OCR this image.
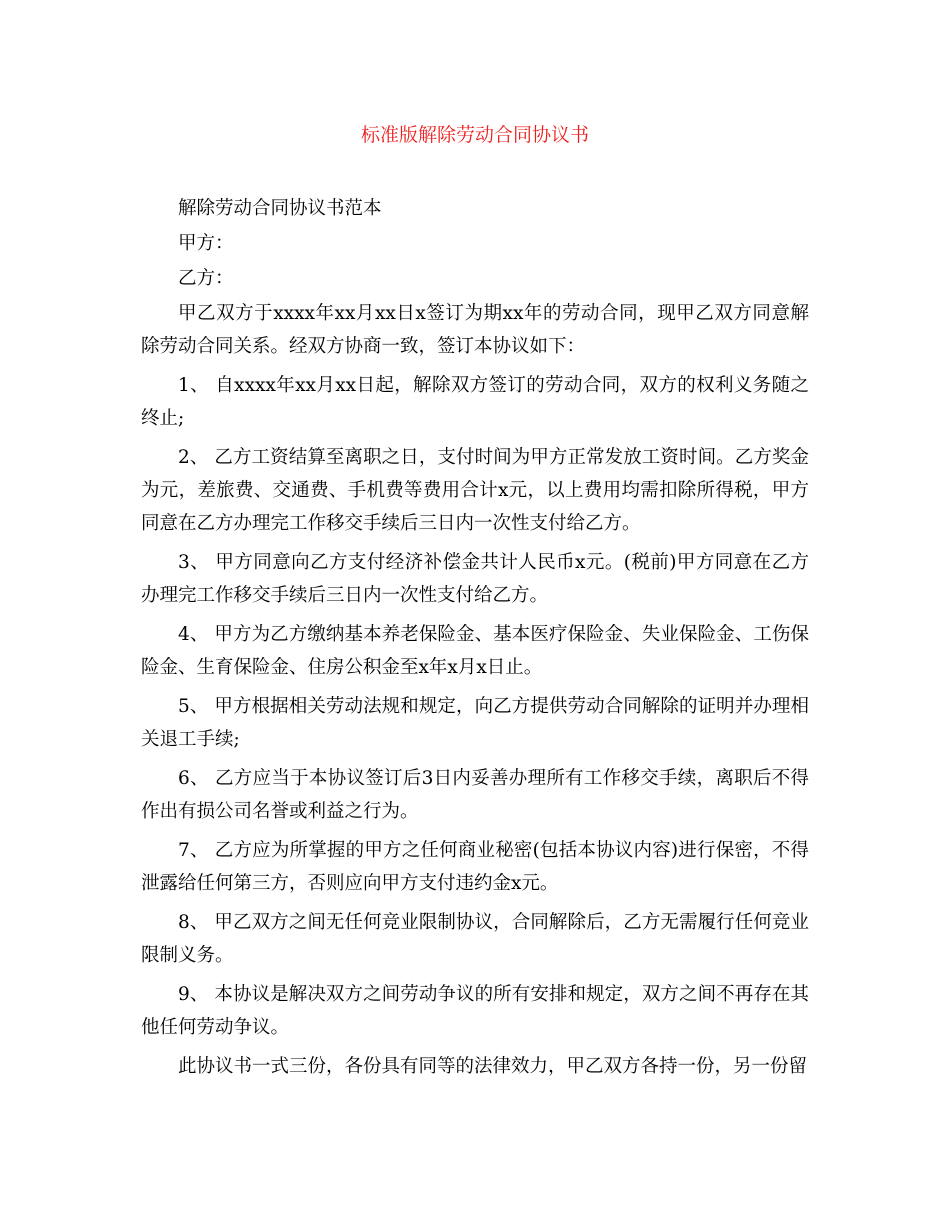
标准版解除劳动合同协议书

解除劳动合同协议书范本

甲方：

乙方：

甲乙双方于xxxx年xx月xx日x签订为期xx年的劳动合同，现甲乙双方同意解除劳动合同关系。经双方协商一致，签订本协议如下：

1、 自xxxx年xx月xx日起，解除双方签订的劳动合同，双方的权利义务随之终止;

2、 乙方工资结算至离职之日，支付时间为甲方正常发放工资时间。乙方奖金为元，差旅费、交通费、手机费等费用合计x元，以上费用均需扣除所得税，甲方同意在乙方办理完工作移交手续后三日内一次性支付给乙方。

3、 甲方同意向乙方支付经济补偿金共计人民币x元。(税前)甲方同意在乙方办理完工作移交手续后三日内一次性支付给乙方。

4、 甲方为乙方缴纳基本养老保险金、基本医疗保险金、失业保险金、工伤保险金、生育保险金、住房公积金至x年x月x日止。

5、 甲方根据相关劳动法规和规定，向乙方提供劳动合同解除的证明并办理相关退工手续;

6、 乙方应当于本协议签订后3日内妥善办理所有工作移交手续，离职后不得作出有损公司名誉或利益之行为。

7、 乙方应为所掌握的甲方之任何商业秘密(包括本协议内容)进行保密，不得泄露给任何第三方，否则应向甲方支付违约金x元。

8、 甲乙双方之间无任何竞业限制协议，合同解除后，乙方无需履行任何竞业限制义务。

9、 本协议是解决双方之间劳动争议的所有安排和规定，双方之间不再存在其他任何劳动争议。

此协议书一式三份，各份具有同等的法律效力，甲乙双方各持一份，另一份留
